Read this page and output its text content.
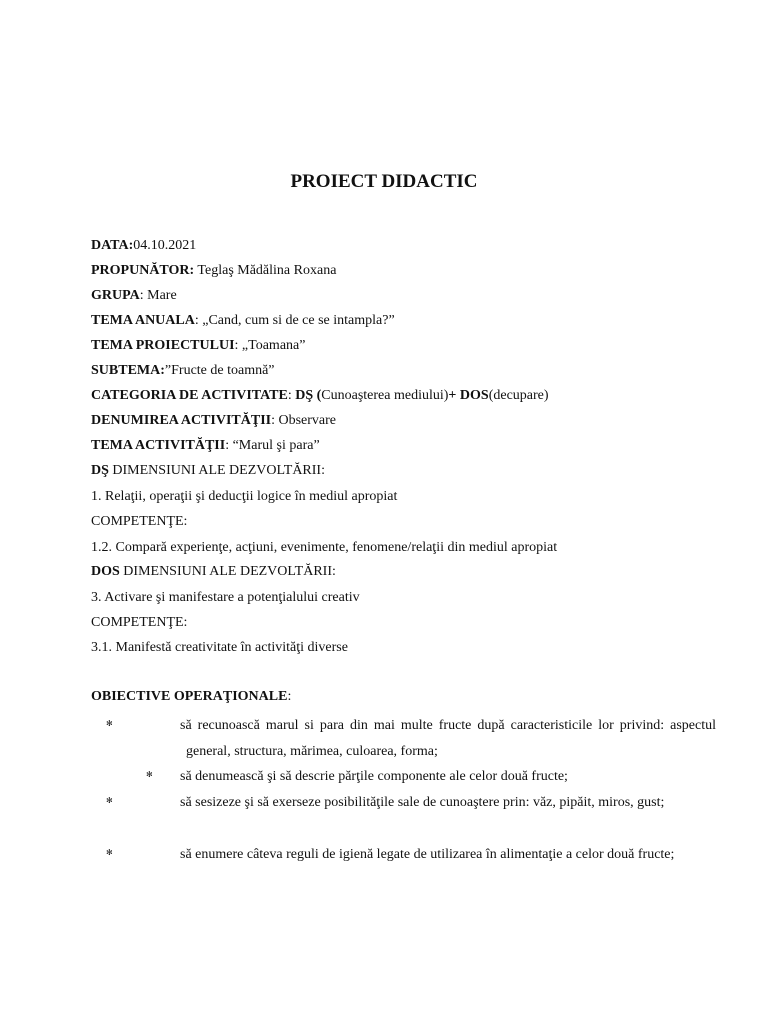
PROIECT DIDACTIC
DATA:04.10.2021
PROPUNĂTOR: Teglaş Mădălina Roxana
GRUPA: Mare
TEMA ANUALA: „Cand, cum si de ce se intampla?”
TEMA PROIECTULUI: „Toamana”
SUBTEMA:”Fructe de toamnă”
CATEGORIA DE ACTIVITATE: DŞ (Cunoaşterea mediului)+ DOS(decupare)
DENUMIREA ACTIVITĂŢII: Observare
TEMA ACTIVITĂŢII: “Marul şi para”
DŞ DIMENSIUNI ALE DEZVOLTĂRII:
1. Relaţii, operaţii şi deducţii logice în mediul apropiat
COMPETENŢE:
1.2. Compară experienţe, acţiuni, evenimente, fenomene/relaţii din mediul apropiat
DOS DIMENSIUNI ALE DEZVOLTĂRII:
3. Activare şi manifestare a potenţialului creativ
COMPETENŢE:
3.1. Manifestă creativitate în activităţi diverse
OBIECTIVE OPERAŢIONALE:
✻	să recunoască marul si para din mai multe fructe după caracteristicile lor privind: aspectul general, structura, mărimea, culoarea, forma;
✻ să denumească şi să descrie părţile componente ale celor două fructe;
✻	să sesizeze şi să exerseze posibilităţile sale de cunoaştere prin: văz, pipăit, miros, gust;
✻	să enumere câteva reguli de igienă legate de utilizarea în alimentaţie a celor două fructe;
